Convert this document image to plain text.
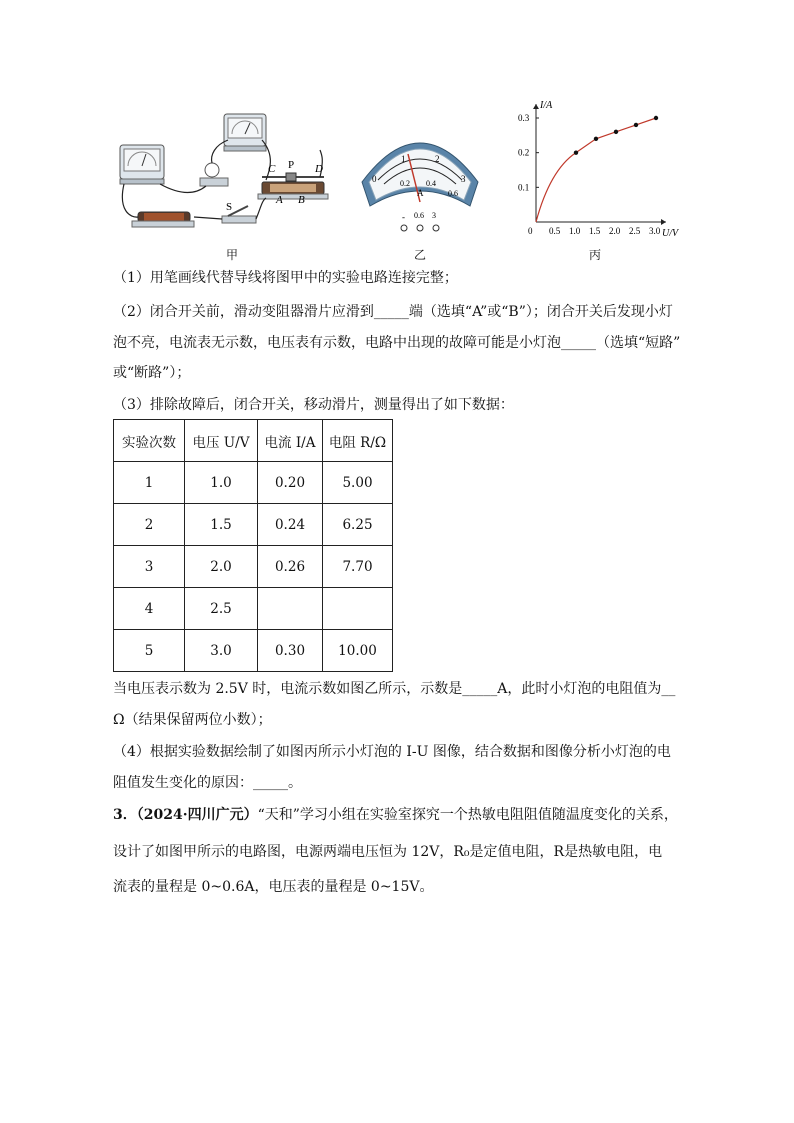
C P D
A B
S
0
1	2
3
0.2 0.4
0.6
A
- 0.6 3
0 0.5 1.0 1.5 2.0 2.5 3.0
0.1
0.2
0.3
U/V
I/A
甲	乙	丙
（1）用笔画线代替导线将图甲中的实验电路连接完整；
（2）闭合开关前，滑动变阻器滑片应滑到_____端（选填“A”或“B”）；闭合开关后发现小灯
泡不亮，电流表无示数，电压表有示数，电路中出现的故障可能是小灯泡_____（选填“短路”
或“断路”）；
（3）排除故障后，闭合开关，移动滑片，测量得出了如下数据：
实验次数	电压 U/V	电流 I/A	电阻 R/Ω
1	1.0	0.20	5.00
2	1.5	0.24	6.25
3	2.0	0.26	7.70
4	2.5		
5	3.0	0.30	10.00
当电压表示数为 2.5V 时，电流示数如图乙所示，示数是_____A，此时小灯泡的电阻值为__
Ω（结果保留两位小数）；
（4）根据实验数据绘制了如图丙所示小灯泡的 I-U 图像，结合数据和图像分析小灯泡的电
阻值发生变化的原因：_____。
3．（2024·四川广元）“天和”学习小组在实验室探究一个热敏电阻阻值随温度变化的关系，
设计了如图甲所示的电路图，电源两端电压恒为 12V，R₀是定值电阻，R是热敏电阻，电
流表的量程是 0~0.6A，电压表的量程是 0~15V。
